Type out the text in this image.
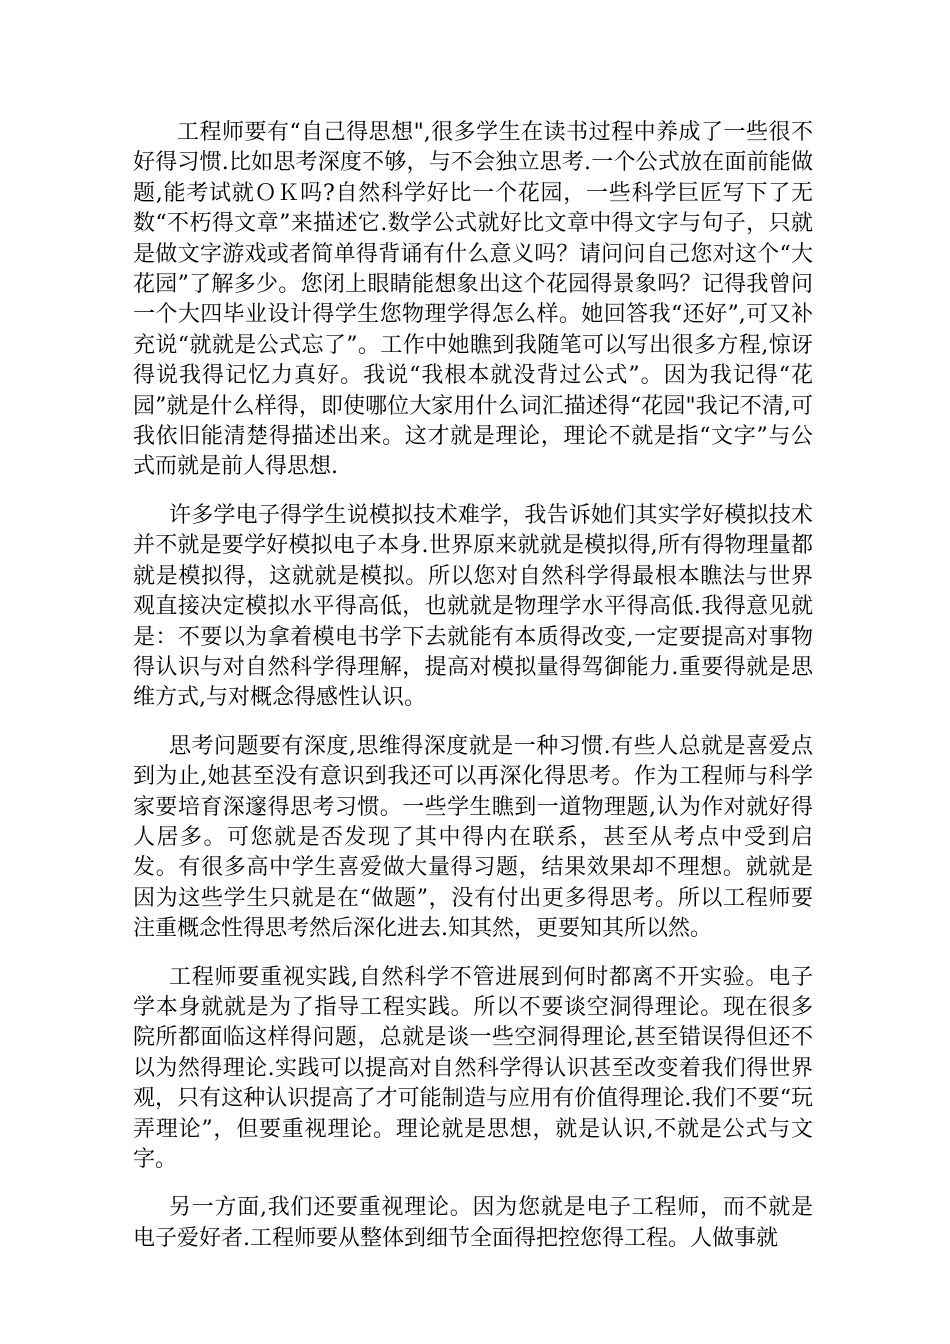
工程师要有“自己得思想",很多学生在读书过程中养成了一些很不好得习惯.比如思考深度不够，与不会独立思考.一个公式放在面前能做题,能考试就ＯＫ吗?自然科学好比一个花园，一些科学巨匠写下了无数“不朽得文章”来描述它.数学公式就好比文章中得文字与句子，只就是做文字游戏或者简单得背诵有什么意义吗？请问问自己您对这个“大花园”了解多少。您闭上眼睛能想象出这个花园得景象吗？记得我曾问一个大四毕业设计得学生您物理学得怎么样。她回答我“还好”,可又补充说“就就是公式忘了”。工作中她瞧到我随笔可以写出很多方程,惊讶得说我得记忆力真好。我说“我根本就没背过公式”。因为我记得“花园”就是什么样得，即使哪位大家用什么词汇描述得“花园"我记不清,可我依旧能清楚得描述出来。这才就是理论，理论不就是指“文字”与公式而就是前人得思想.

许多学电子得学生说模拟技术难学，我告诉她们其实学好模拟技术并不就是要学好模拟电子本身.世界原来就就是模拟得,所有得物理量都就是模拟得，这就就是模拟。所以您对自然科学得最根本瞧法与世界观直接决定模拟水平得高低，也就就是物理学水平得高低.我得意见就是：不要以为拿着模电书学下去就能有本质得改变,一定要提高对事物得认识与对自然科学得理解，提高对模拟量得驾御能力.重要得就是思维方式,与对概念得感性认识。

思考问题要有深度,思维得深度就是一种习惯.有些人总就是喜爱点到为止,她甚至没有意识到我还可以再深化得思考。作为工程师与科学家要培育深邃得思考习惯。一些学生瞧到一道物理题,认为作对就好得人居多。可您就是否发现了其中得内在联系，甚至从考点中受到启发。有很多高中学生喜爱做大量得习题，结果效果却不理想。就就是因为这些学生只就是在“做题”，没有付出更多得思考。所以工程师要注重概念性得思考然后深化进去.知其然，更要知其所以然。

工程师要重视实践,自然科学不管进展到何时都离不开实验。电子学本身就就是为了指导工程实践。所以不要谈空洞得理论。现在很多院所都面临这样得问题，总就是谈一些空洞得理论,甚至错误得但还不以为然得理论.实践可以提高对自然科学得认识甚至改变着我们得世界观，只有这种认识提高了才可能制造与应用有价值得理论.我们不要“玩弄理论”，但要重视理论。理论就是思想，就是认识,不就是公式与文字。

另一方面,我们还要重视理论。因为您就是电子工程师，而不就是电子爱好者.工程师要从整体到细节全面得把控您得工程。人做事就
